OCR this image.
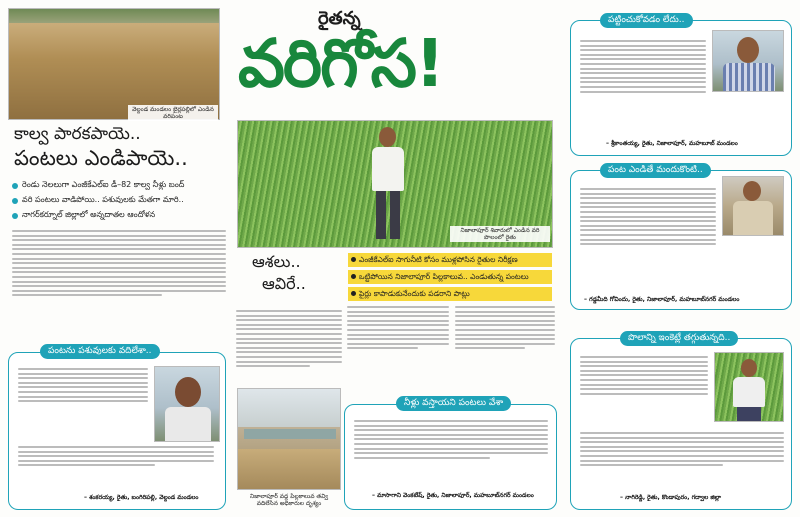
వెల్దండ మండలం బైర్లపల్లిలో ఎండిన వరిపంట
రైతన్న
వరిగోస!
కాల్వ పారకపాయె..
పంటలు ఎండిపాయె..
రెండు నెలలుగా ఎంజీకేఎల్ఐ డీ–82 కాల్వ నీళ్లు బంద్
వరి పంటలు వాడిపోయి.. పశువులకు మేతగా మారి..
నాగర్‌కర్నూల్ జిల్లాలో అన్నదాతల ఆందోళన
పంటను పశువులకు వదిలేశా..
– శంకరయ్య, రైతు, బంగిరిపల్లి, వెల్దండ మండలం
నిజాలాపూర్ శివారులో ఎండిన వరి పొలంలో రైతు
ఆశలు..
ఆవిరే..
ఎంజీకేఎల్ఐ సాగునీటి కోసం ముళ్లపోసిన రైతుల నిరీక్షణ
ఒట్టిపోయిన నిజాలాపూర్ పిల్లకాలువ.. ఎండుతున్న పంటలు
పైర్లు కాపాడుకునేందుకు పడరాని పాట్లు
నిజాలాపూర్ వద్ద పిల్లకాలువ తవ్వి వదిలేసిన అధికారుల దృశ్యం
నీళ్లు వస్తాయని పంటలు వేశా
– మాసాగాని వెంకటేష్, రైతు, నిజాలాపూర్, మహబూబ్‌నగర్ మండలం
పట్టించుకోవడం లేదు..
– శ్రీకాంతయ్య, రైతు, నిజాలాపూర్, మహబూబ్ మండలం
పంట ఎండితే మందుకొంటి..
– గడ్డమీది గోవిందు, రైతు, నిజాలాపూర్, మహబూబ్‌నగర్ మండలం
పొలాన్ని ఇంకెట్లే తగ్గుతున్నది..
– నాగిరెడ్డి, రైతు, కొండాపురం, గద్వాల జిల్లా
